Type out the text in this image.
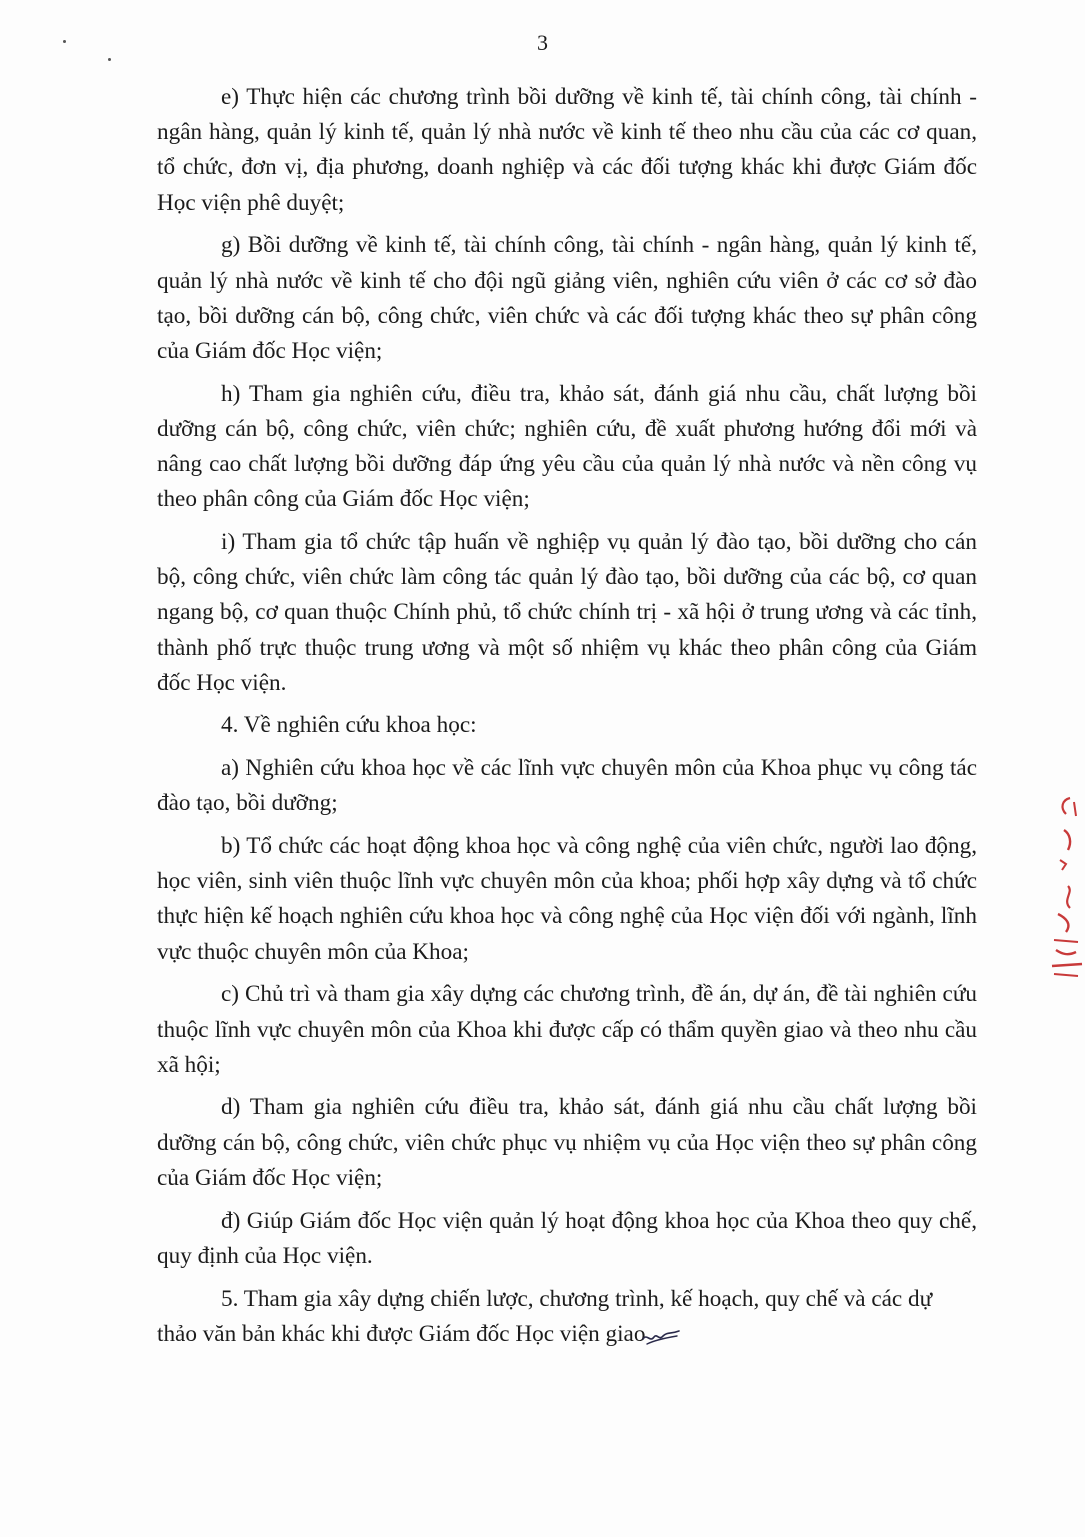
3

e) Thực hiện các chương trình bồi dưỡng về kinh tế, tài chính công, tài chính - ngân hàng, quản lý kinh tế, quản lý nhà nước về kinh tế theo nhu cầu của các cơ quan, tổ chức, đơn vị, địa phương, doanh nghiệp và các đối tượng khác khi được Giám đốc Học viện phê duyệt;

g) Bồi dưỡng về kinh tế, tài chính công, tài chính - ngân hàng, quản lý kinh tế, quản lý nhà nước về kinh tế cho đội ngũ giảng viên, nghiên cứu viên ở các cơ sở đào tạo, bồi dưỡng cán bộ, công chức, viên chức và các đối tượng khác theo sự phân công của Giám đốc Học viện;

h) Tham gia nghiên cứu, điều tra, khảo sát, đánh giá nhu cầu, chất lượng bồi dưỡng cán bộ, công chức, viên chức; nghiên cứu, đề xuất phương hướng đổi mới và nâng cao chất lượng bồi dưỡng đáp ứng yêu cầu của quản lý nhà nước và nền công vụ theo phân công của Giám đốc Học viện;

i) Tham gia tổ chức tập huấn về nghiệp vụ quản lý đào tạo, bồi dưỡng cho cán bộ, công chức, viên chức làm công tác quản lý đào tạo, bồi dưỡng của các bộ, cơ quan ngang bộ, cơ quan thuộc Chính phủ, tổ chức chính trị - xã hội ở trung ương và các tỉnh, thành phố trực thuộc trung ương và một số nhiệm vụ khác theo phân công của Giám đốc Học viện.

4. Về nghiên cứu khoa học:

a) Nghiên cứu khoa học về các lĩnh vực chuyên môn của Khoa phục vụ công tác đào tạo, bồi dưỡng;

b) Tổ chức các hoạt động khoa học và công nghệ của viên chức, người lao động, học viên, sinh viên thuộc lĩnh vực chuyên môn của khoa; phối hợp xây dựng và tổ chức thực hiện kế hoạch nghiên cứu khoa học và công nghệ của Học viện đối với ngành, lĩnh vực thuộc chuyên môn của Khoa;

c) Chủ trì và tham gia xây dựng các chương trình, đề án, dự án, đề tài nghiên cứu thuộc lĩnh vực chuyên môn của Khoa khi được cấp có thẩm quyền giao và theo nhu cầu xã hội;

d) Tham gia nghiên cứu điều tra, khảo sát, đánh giá nhu cầu chất lượng bồi dưỡng cán bộ, công chức, viên chức phục vụ nhiệm vụ của Học viện theo sự phân công của Giám đốc Học viện;

đ) Giúp Giám đốc Học viện quản lý hoạt động khoa học của Khoa theo quy chế, quy định của Học viện.

5. Tham gia xây dựng chiến lược, chương trình, kế hoạch, quy chế và các dự thảo văn bản khác khi được Giám đốc Học viện giao
